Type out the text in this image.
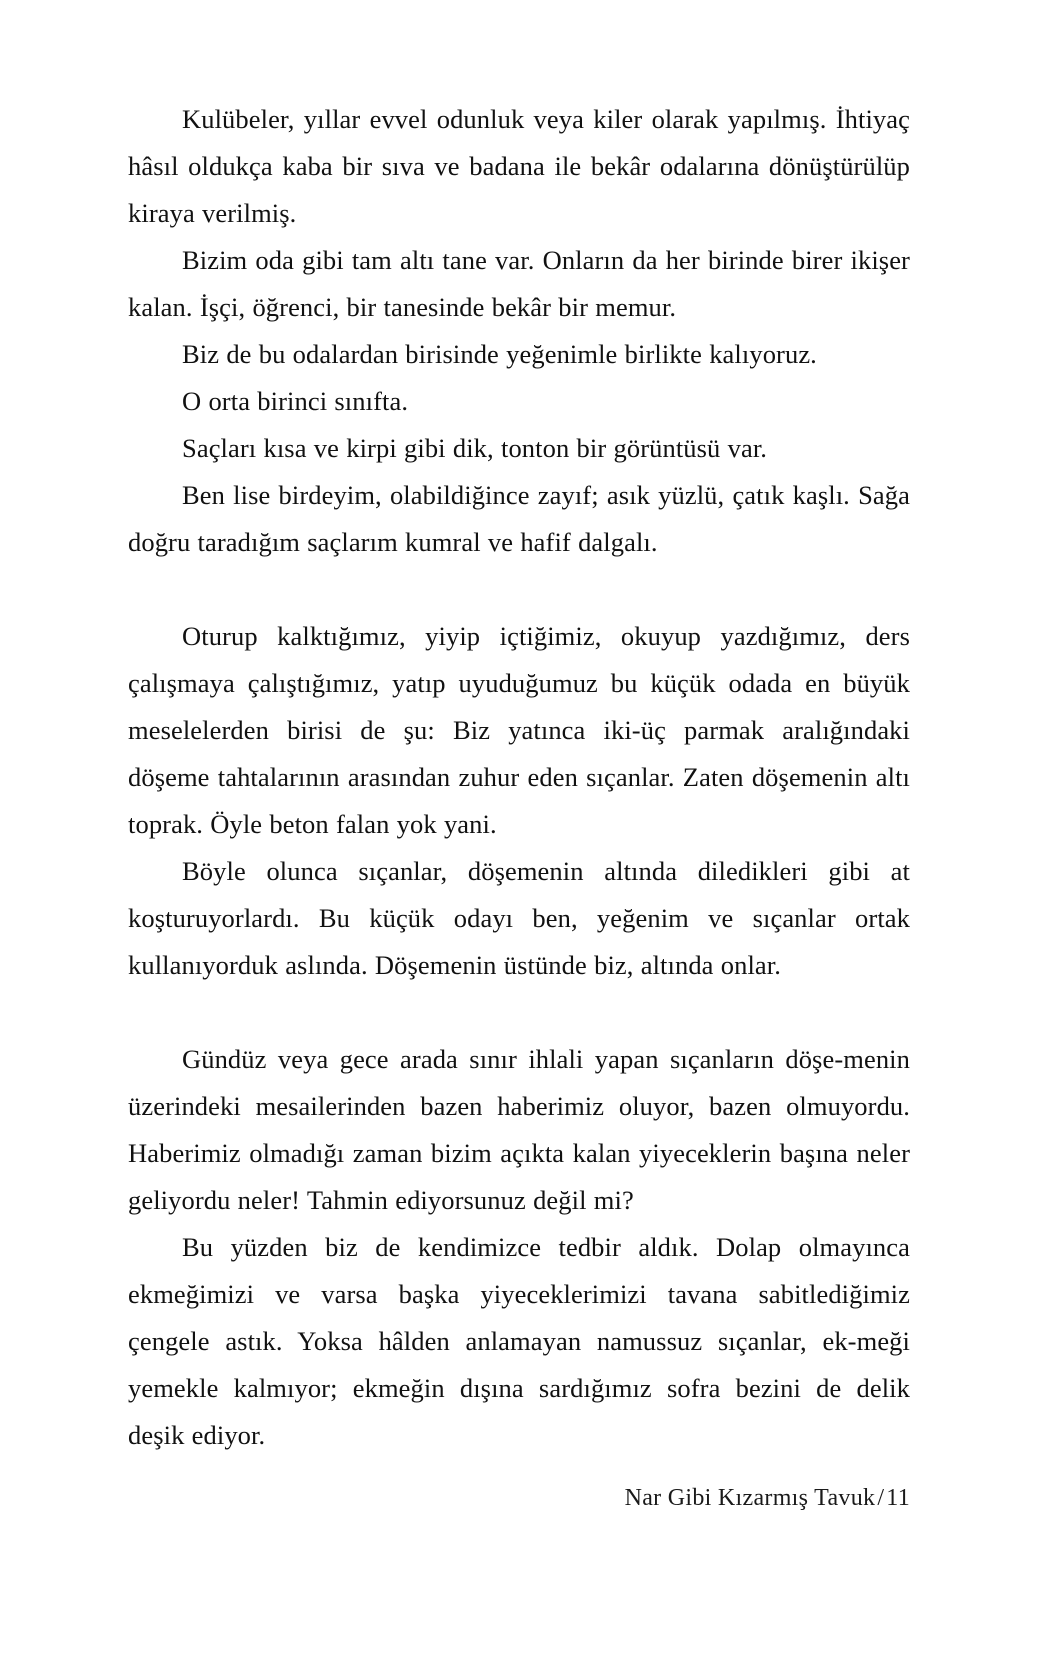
Kulübeler, yıllar evvel odunluk veya kiler olarak yapılmış. İhtiyaç hâsıl oldukça kaba bir sıva ve badana ile bekâr odalarına dönüştürülüp kiraya verilmiş.

Bizim oda gibi tam altı tane var. Onların da her birinde birer ikişer kalan. İşçi, öğrenci, bir tanesinde bekâr bir memur.

Biz de bu odalardan birisinde yeğenimle birlikte kalıyoruz.

O orta birinci sınıfta.

Saçları kısa ve kirpi gibi dik, tonton bir görüntüsü var.

Ben lise birdeyim, olabildiğince zayıf; asık yüzlü, çatık kaşlı. Sağa doğru taradığım saçlarım kumral ve hafif dalgalı.

Oturup kalktığımız, yiyip içtiğimiz, okuyup yazdığımız, ders çalışmaya çalıştığımız, yatıp uyuduğumuz bu küçük odada en büyük meselelerden birisi de şu: Biz yatınca iki-üç parmak aralığındaki döşeme tahtalarının arasından zuhur eden sıçanlar. Zaten döşemenin altı toprak. Öyle beton falan yok yani.

Böyle olunca sıçanlar, döşemenin altında diledikleri gibi at koşturuyorlardı. Bu küçük odayı ben, yeğenim ve sıçanlar ortak kullanıyorduk aslında. Döşemenin üstünde biz, altında onlar.

Gündüz veya gece arada sınır ihlali yapan sıçanların döşe-menin üzerindeki mesailerinden bazen haberimiz oluyor, bazen olmuyordu. Haberimiz olmadığı zaman bizim açıkta kalan yiyeceklerin başına neler geliyordu neler! Tahmin ediyorsunuz değil mi?

Bu yüzden biz de kendimizce tedbir aldık. Dolap olmayınca ekmeğimizi ve varsa başka yiyeceklerimizi tavana sabitlediğimiz çengele astık. Yoksa hâlden anlamayan namussuz sıçanlar, ek-meği yemekle kalmıyor; ekmeğin dışına sardığımız sofra bezini de delik deşik ediyor.

Nar Gibi Kızarmış Tavuk/11
